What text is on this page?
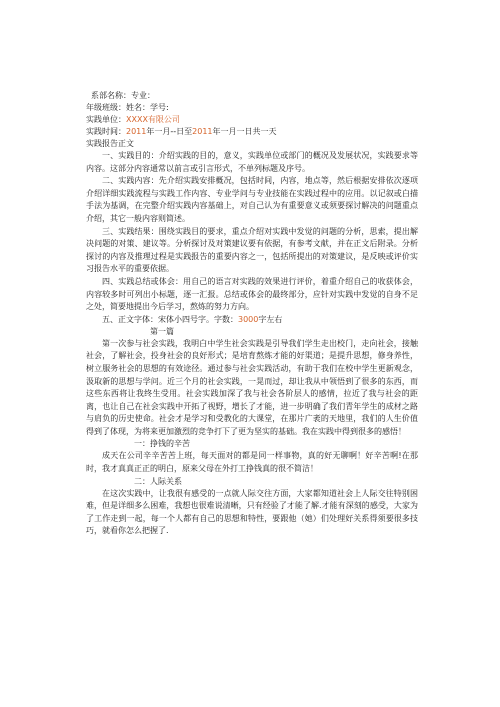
系部名称：专业：
年级班级：姓名：学号:
实践单位：XXXX有限公司
实践时间：2011年一月--日至2011年一月一日共一天
实践报告正文
一、实践目的：介绍实践的目的，意义，实践单位或部门的概况及发展状况，实践要求等内容。这部分内容通常以前言或引言形式，不单列标题及序号。
二、实践内容：先介绍实践安排概况，包括时间，内容，地点等，然后根据安排依次逐项介绍详细实践流程与实践工作内容、专业学问与专业技能在实践过程中的应用。以记叙或白描手法为基调，在完整介绍实践内容基础上，对自己认为有重要意义或须要探讨解决的问题重点介绍，其它一般内容则简述。
三、实践结果：围绕实践目的要求，重点介绍对实践中发觉的问题的分析，思索，提出解决问题的对策、建议等。分析探讨及对策建议要有依据，有参考文献，并在正文后附录。分析探讨的内容及推理过程是实践报告的重要内容之一，包括所提出的对策建议，是反映或评价实习报告水平的重要依据。
四、实践总结或体会：用自己的语言对实践的效果进行评价，着重介绍自己的收获体会，内容较多时可列出小标题，逐一汇报。总结或体会的最终部分，应针对实践中发觉的自身不足之处，简要地提出今后学习，熬炼的努力方向。
五、正文字体：宋体小四号字。字数：3000字左右
第一篇
第一次参与社会实践，我明白中学生社会实践是引导我们学生走出校门，走向社会，接触社会，了解社会，投身社会的良好形式；是培育熬炼才能的好渠道；是提升思想，修身养性，树立服务社会的思想的有效途径。通过参与社会实践活动，有助于我们在校中学生更新观念，汲取新的思想与学问。近三个月的社会实践，一晃而过，却让我从中领悟到了很多的东西，而这些东西将让我终生受用。社会实践加深了我与社会各阶层人的感情，拉近了我与社会的距离，也让自己在社会实践中开拓了视野，增长了才能，进一步明确了我们青年学生的成材之路与肩负的历史使命。社会才是学习和受教化的大课堂，在那片广袤的天地里，我们的人生价值得到了体现，为将来更加激烈的竞争打下了更为坚实的基础。我在实践中得到很多的感悟！
一：挣钱的辛苦
成天在公司辛辛苦苦上班，每天面对的都是同一样事物，真的好无聊啊！好辛苦啊!在那时，我才真真正正的明白，原来父母在外打工挣钱真的很不简洁！
二：人际关系
在这次实践中，让我很有感受的一点就人际交往方面，大家都知道社会上人际交往特别困难，但是详细多么困难，我想也很难说清晰，只有经验了才能了解.才能有深刻的感受，大家为了工作走到一起，每一个人都有自己的思想和特性，要跟他（她）们处理好关系得须要很多技巧，就看你怎么把握了.
